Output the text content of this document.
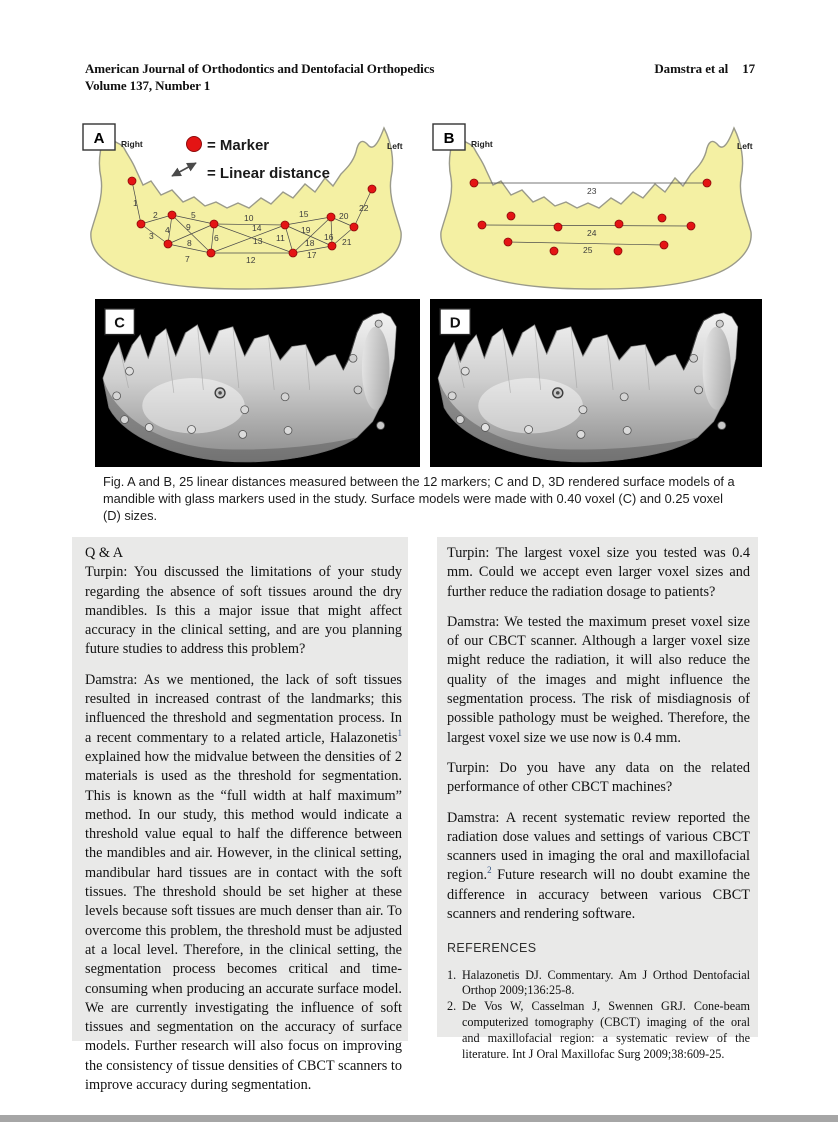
American Journal of Orthodontics and Dentofacial Orthopedics
Volume 137, Number 1
Damstra et al 17
1
2
3
4
5
6
7
8
9
10
11
12
13
14
15
16
17
18
19
20
21
22
= Marker
= Linear distance
A Right	Left
23
24
25
B Right	Left
C	D
Fig. A and B, 25 linear distances measured between the 12 markers; C and D, 3D rendered surface models of a mandible with glass markers used in the study. Surface models were made with 0.40 voxel (C) and 0.25 voxel (D) sizes.
Q & A

Turpin: You discussed the limitations of your study regarding the absence of soft tissues around the dry mandibles. Is this a major issue that might affect accuracy in the clinical setting, and are you planning future studies to address this problem?

Damstra: As we mentioned, the lack of soft tissues resulted in increased contrast of the landmarks; this influenced the threshold and segmentation process. In a recent commentary to a related article, Halazonetis$^1$ explained how the midvalue between the densities of 2 materials is used as the threshold for segmentation. This is known as the “full width at half maximum” method. In our study, this method would indicate a threshold value equal to half the difference between the mandibles and air. However, in the clinical setting, mandibular hard tissues are in contact with the soft tissues. The threshold should be set higher at these levels because soft tissues are much denser than air. To overcome this problem, the threshold must be adjusted at a local level. Therefore, in the clinical setting, the segmentation process becomes critical and time-consuming when producing an accurate surface model. We are currently investigating the influence of soft tissues and segmentation on the accuracy of surface models. Further research will also focus on improving the consistency of tissue densities of CBCT scanners to improve accuracy during segmentation.

Turpin: The largest voxel size you tested was 0.4 mm. Could we accept even larger voxel sizes and further reduce the radiation dosage to patients?

Damstra: We tested the maximum preset voxel size of our CBCT scanner. Although a larger voxel size might reduce the radiation, it will also reduce the quality of the images and might influence the segmentation process. The risk of misdiagnosis of possible pathology must be weighed. Therefore, the largest voxel size we use now is 0.4 mm.

Turpin: Do you have any data on the related performance of other CBCT machines?

Damstra: A recent systematic review reported the radiation dose values and settings of various CBCT scanners used in imaging the oral and maxillofacial region.$^2$ Future research will no doubt examine the difference in accuracy between various CBCT scanners and rendering software.

REFERENCES
1. Halazonetis DJ. Commentary. Am J Orthod Dentofacial Orthop 2009;136:25-8.
2. De Vos W, Casselman J, Swennen GRJ. Cone-beam computerized tomography (CBCT) imaging of the oral and maxillofacial region: a systematic review of the literature. Int J Oral Maxillofac Surg 2009;38:609-25.
